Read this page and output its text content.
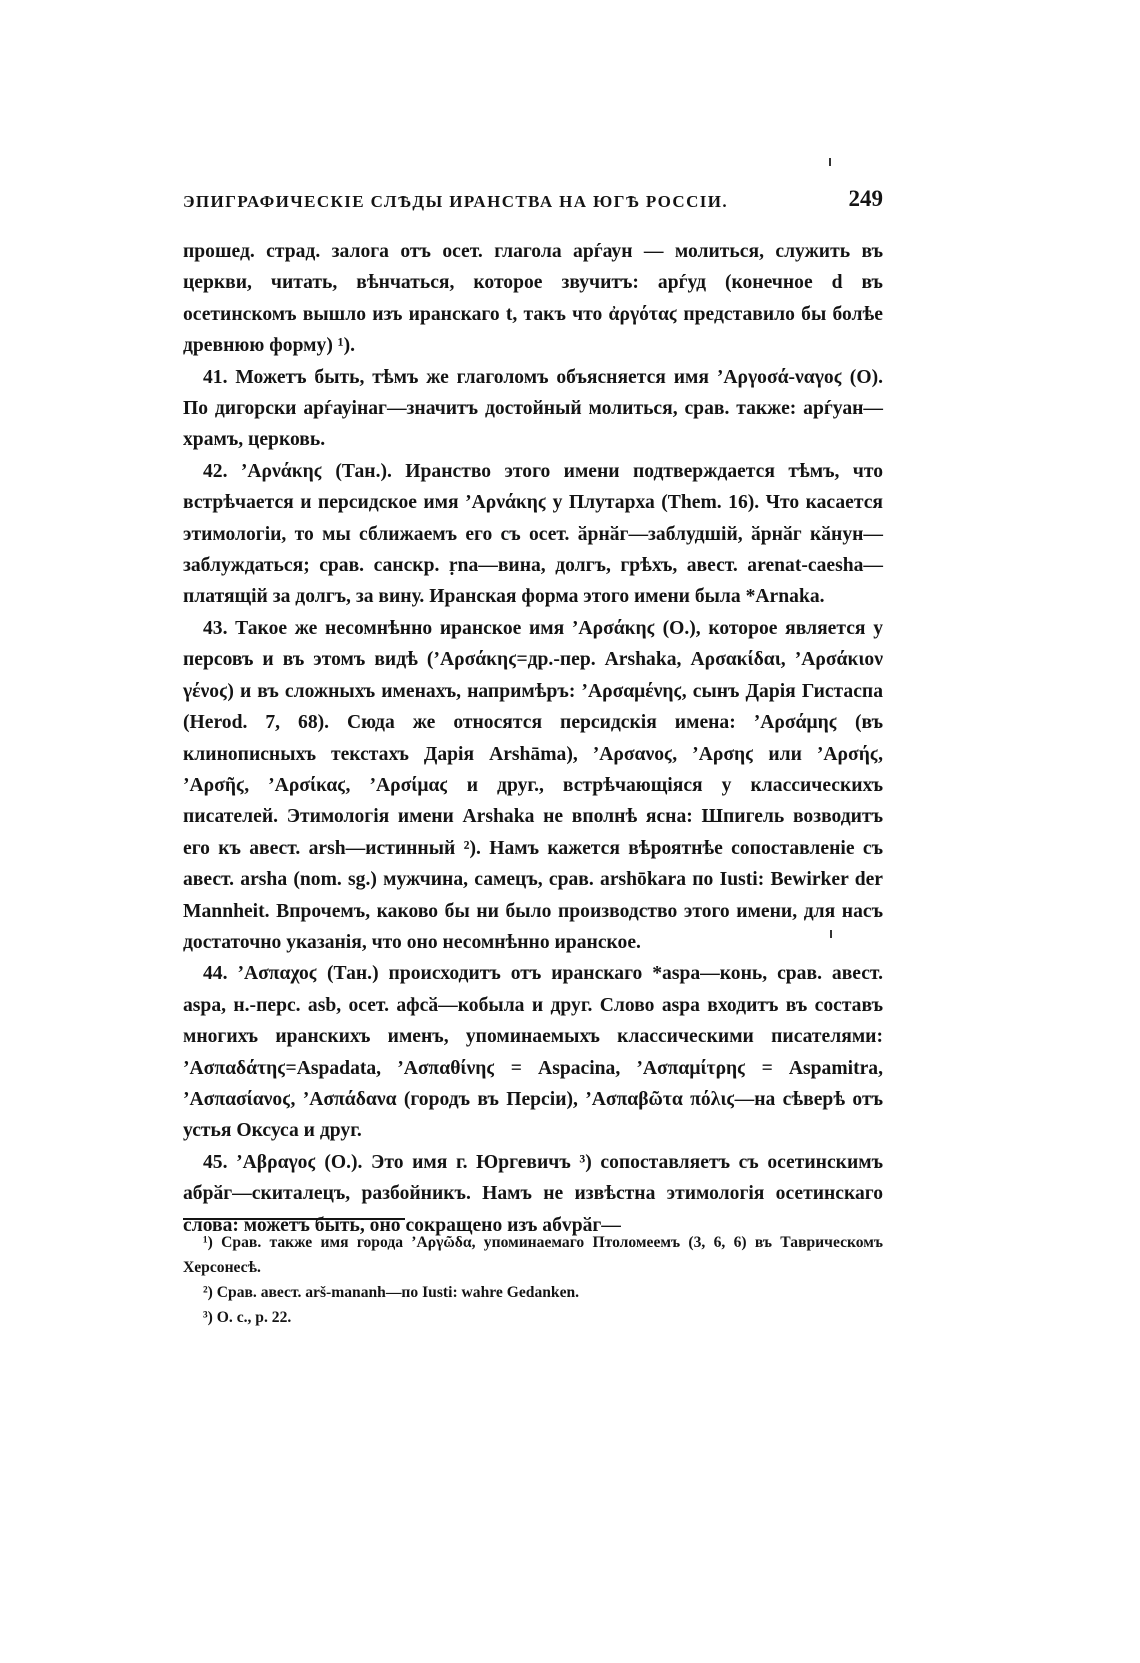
ЭПИГРАФИЧЕСКІЕ СЛѢДЫ ИРАНСТВА НА ЮГѢ РОССІИ.	249

прошед. страд. залога отъ осет. глагола арѓаун — молиться, служить въ церкви, читать, вѣнчаться, которое звучитъ: арѓуд (конечное d въ осетинскомъ вышло изъ иранскаго t, такъ что ἀργόταϛ представило бы болѣе древнюю форму) ¹).

41. Можетъ быть, тѣмъ же глаголомъ объясняется имя ’Αργοσά-ναγοϛ (О). По дигорски арѓауінаг—значитъ достойный молиться, срав. также: арѓуан—храмъ, церковь.

42. ’Αρνάκηϛ (Тан.). Иранство этого имени подтверждается тѣмъ, что встрѣчается и персидское имя ’Αρνάκηϛ у Плутарха (Them. 16). Что касается этимологіи, то мы сближаемъ его съ осет. ӑрнӑг—заблудшій, ӑрнӑг кӑнун—заблуждаться; срав. санскр. ṛna—вина, долгъ, грѣхъ, авест. arenat-caesha—платящій за долгъ, за вину. Иранская форма этого имени была *Arnaka.

43. Такое же несомнѣнно иранское имя ’Αρσάκηϛ (О.), которое является у персовъ и въ этомъ видѣ (’Αρσάκηϛ=др.-пер. Arshaka, Αρσακίδαι, ’Αρσάκιον γένοϛ) и въ сложныхъ именахъ, напримѣръ: ’Αρσαμένηϛ, сынъ Дарія Гистаспа (Herod. 7, 68). Сюда же относятся персидскія имена: ’Αρσάμηϛ (въ клинописныхъ текстахъ Дарія Arshāma), ’Αρσανοϛ, ’Αρσηϛ или ’Αρσήϛ, ’Αρσῆϛ, ’Αρσίκαϛ, ’Αρσίμαϛ и друг., встрѣчающіяся у классическихъ писателей. Этимологія имени Arshaka не вполнѣ ясна: Шпигель возводитъ его къ авест. arsh—истинный ²). Намъ кажется вѣроятнѣе сопоставленіе съ авест. arsha (nom. sg.) мужчина, самецъ, срав. arshōkara по Iusti: Bewirker der Mannheit. Впрочемъ, каково бы ни было производство этого имени, для насъ достаточно указанія, что оно несомнѣнно иранское.

44. ’Ασπαχοϛ (Тан.) происходитъ отъ иранскаго *aspa—конь, срав. авест. aspa, н.-перс. asb, осет. афсӑ—кобыла и друг. Слово aspa входитъ въ составъ многихъ иранскихъ именъ, упоминаемыхъ классическими писателями: ’Ασπαδάτηϛ=Aspadata, ’Ασπαθίνηϛ = Aspacina, ’Ασπαμίτρηϛ = Aspamitra, ’Ασπασίανοϛ, ’Ασπάδανα (городъ въ Персіи), ’Ασπαβῶτα πόλιϛ—на сѣверѣ отъ устья Оксуса и друг.

45. ’Αβραγοϛ (О.). Это имя г. Юргевичъ ³) сопоставляетъ съ осетинскимъ абрӑг—скиталецъ, разбойникъ. Намъ не извѣстна этимологія осетинскаго слова: можетъ быть, оно сокращено изъ абvрӑг—

¹) Срав. также имя города ’Αργῶδα, упоминаемаго Птоломеемъ (3, 6, 6) въ Таврическомъ Херсонесѣ.

²) Срав. авест. arš-mananh—по Iusti: wahre Gedanken.

³) О. с., p. 22.
